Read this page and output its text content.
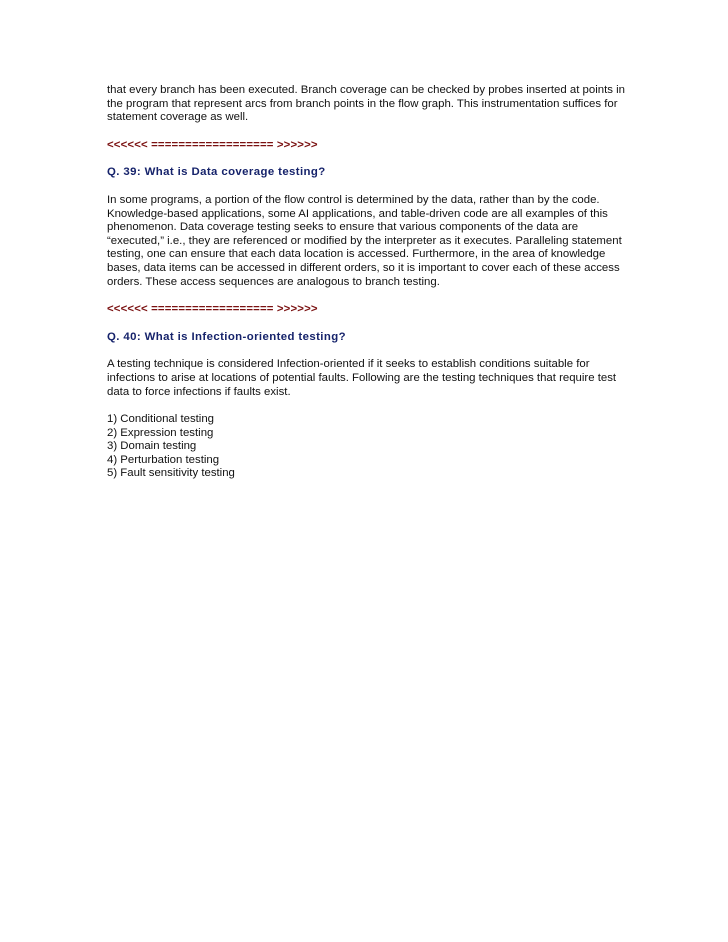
that every branch has been executed. Branch coverage can be checked by probes inserted at points in the program that represent arcs from branch points in the flow graph. This instrumentation suffices for statement coverage as well.

<<<<<< ================== >>>>>>

Q. 39: What is Data coverage testing?

In some programs, a portion of the flow control is determined by the data, rather than by the code. Knowledge-based applications, some AI applications, and table-driven code are all examples of this phenomenon. Data coverage testing seeks to ensure that various components of the data are “executed,” i.e., they are referenced or modified by the interpreter as it executes. Paralleling statement testing, one can ensure that each data location is accessed. Furthermore, in the area of knowledge bases, data items can be accessed in different orders, so it is important to cover each of these access orders. These access sequences are analogous to branch testing.

<<<<<< ================== >>>>>>

Q. 40: What is Infection-oriented testing?

A testing technique is considered Infection-oriented if it seeks to establish conditions suitable for infections to arise at locations of potential faults. Following are the testing techniques that require test data to force infections if faults exist.

1) Conditional testing
2) Expression testing
3) Domain testing
4) Perturbation testing
5) Fault sensitivity testing
